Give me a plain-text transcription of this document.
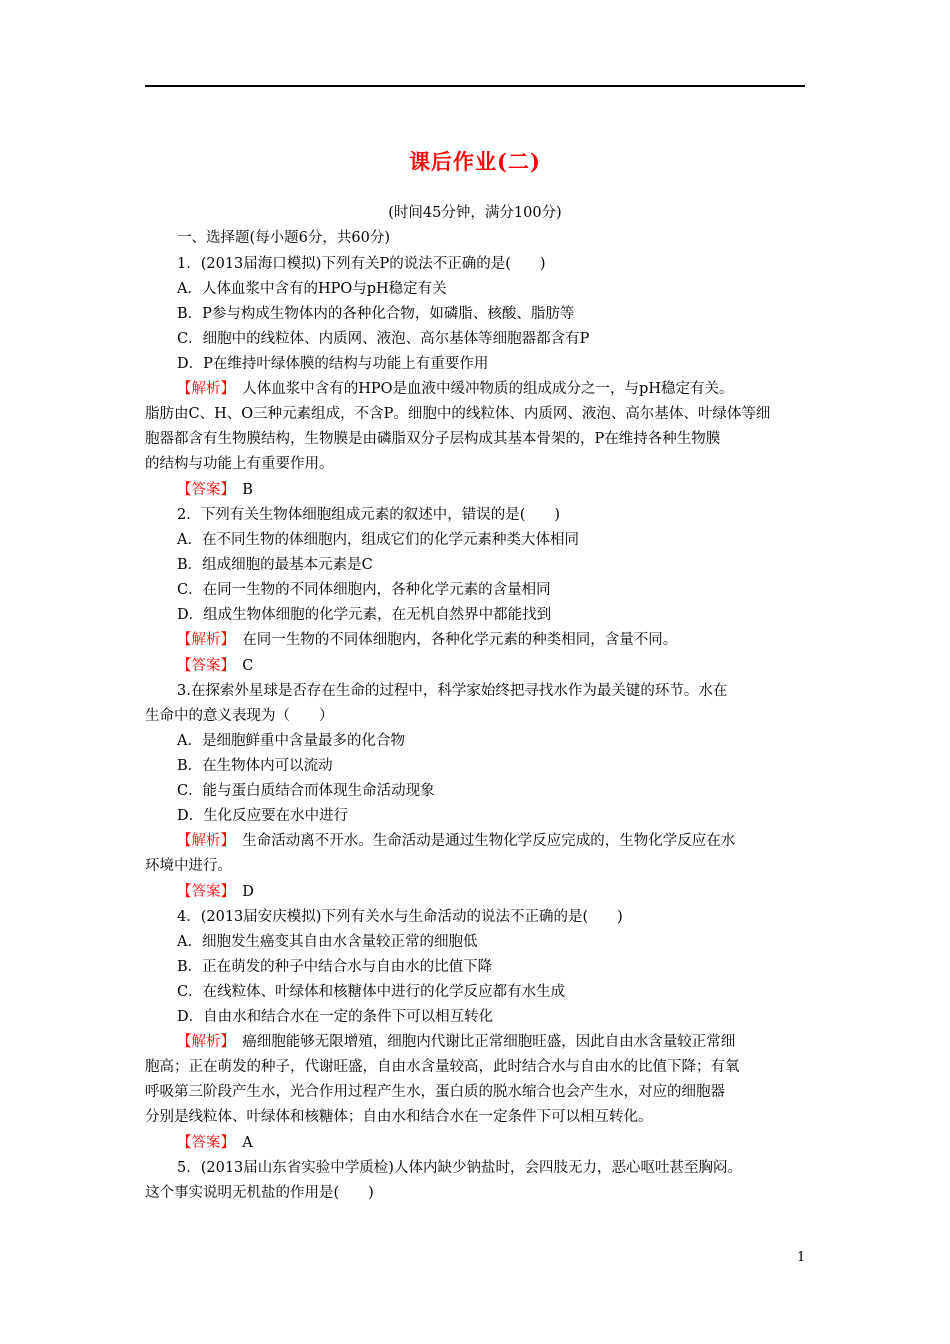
课后作业(二)
(时间45分钟，满分100分)
一、选择题(每小题6分，共60分)
1．(2013届海口模拟)下列有关P的说法不正确的是(　　)
A．人体血浆中含有的HPO与pH稳定有关
B．P参与构成生物体内的各种化合物，如磷脂、核酸、脂肪等
C．细胞中的线粒体、内质网、液泡、高尔基体等细胞器都含有P
D．P在维持叶绿体膜的结构与功能上有重要作用
【解析】　人体血浆中含有的HPO是血液中缓冲物质的组成成分之一，与pH稳定有关。
脂肪由C、H、O三种元素组成，不含P。细胞中的线粒体、内质网、液泡、高尔基体、叶绿体等细
胞器都含有生物膜结构，生物膜是由磷脂双分子层构成其基本骨架的，P在维持各种生物膜
的结构与功能上有重要作用。
【答案】　B
2．下列有关生物体细胞组成元素的叙述中，错误的是(　　)
A．在不同生物的体细胞内，组成它们的化学元素种类大体相同
B．组成细胞的最基本元素是C
C．在同一生物的不同体细胞内，各种化学元素的含量相同
D．组成生物体细胞的化学元素，在无机自然界中都能找到
【解析】　在同一生物的不同体细胞内，各种化学元素的种类相同，含量不同。
【答案】　C
3.在探索外星球是否存在生命的过程中，科学家始终把寻找水作为最关键的环节。水在
生命中的意义表现为（　　）
A．是细胞鲜重中含量最多的化合物
B．在生物体内可以流动
C．能与蛋白质结合而体现生命活动现象
D．生化反应要在水中进行
【解析】　生命活动离不开水。生命活动是通过生物化学反应完成的，生物化学反应在水
环境中进行。
【答案】　D
4．(2013届安庆模拟)下列有关水与生命活动的说法不正确的是(　　)
A．细胞发生癌变其自由水含量较正常的细胞低
B．正在萌发的种子中结合水与自由水的比值下降
C．在线粒体、叶绿体和核糖体中进行的化学反应都有水生成
D．自由水和结合水在一定的条件下可以相互转化
【解析】　癌细胞能够无限增殖，细胞内代谢比正常细胞旺盛，因此自由水含量较正常细
胞高；正在萌发的种子，代谢旺盛，自由水含量较高，此时结合水与自由水的比值下降；有氧
呼吸第三阶段产生水，光合作用过程产生水，蛋白质的脱水缩合也会产生水，对应的细胞器
分别是线粒体、叶绿体和核糖体；自由水和结合水在一定条件下可以相互转化。
【答案】　A
5．(2013届山东省实验中学质检)人体内缺少钠盐时，会四肢无力，恶心呕吐甚至胸闷。
这个事实说明无机盐的作用是(　　)
1
